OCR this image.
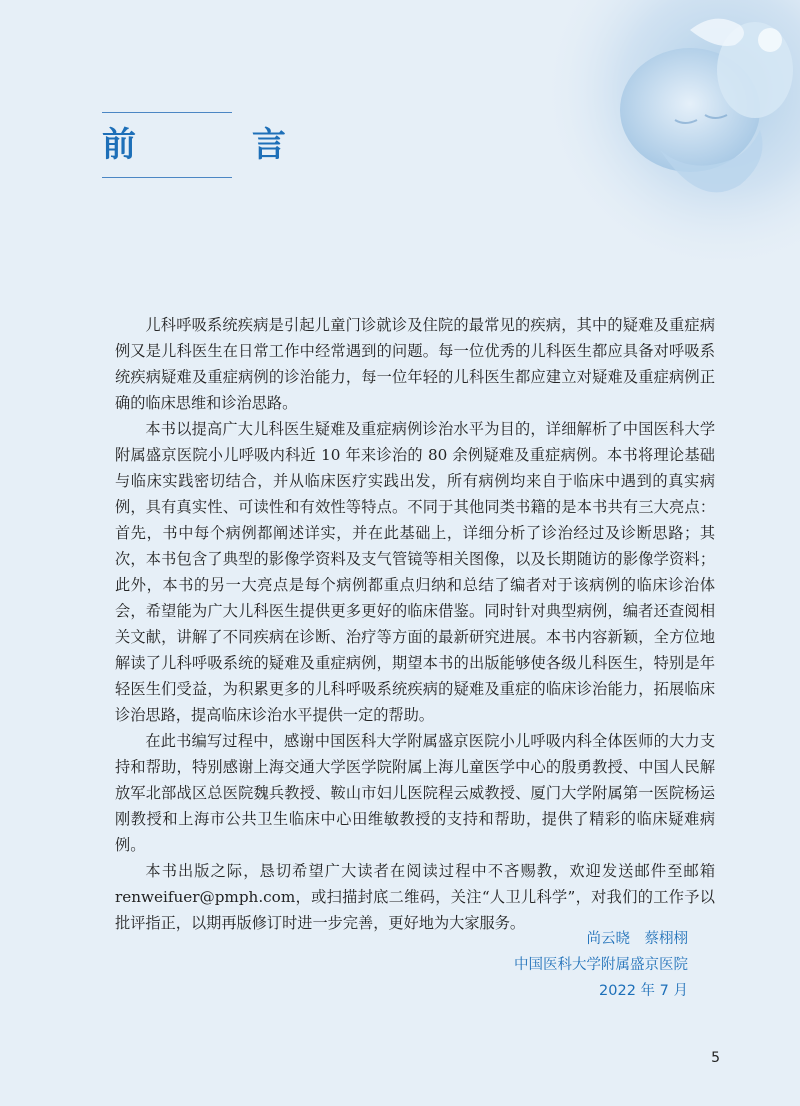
前 言

儿科呼吸系统疾病是引起儿童门诊就诊及住院的最常见的疾病，其中的疑难及重症病例又是儿科医生在日常工作中经常遇到的问题。每一位优秀的儿科医生都应具备对呼吸系统疾病疑难及重症病例的诊治能力，每一位年轻的儿科医生都应建立对疑难及重症病例正确的临床思维和诊治思路。

本书以提高广大儿科医生疑难及重症病例诊治水平为目的，详细解析了中国医科大学附属盛京医院小儿呼吸内科近 10 年来诊治的 80 余例疑难及重症病例。本书将理论基础与临床实践密切结合，并从临床医疗实践出发，所有病例均来自于临床中遇到的真实病例，具有真实性、可读性和有效性等特点。不同于其他同类书籍的是本书共有三大亮点：首先，书中每个病例都阐述详实，并在此基础上，详细分析了诊治经过及诊断思路；其次，本书包含了典型的影像学资料及支气管镜等相关图像，以及长期随访的影像学资料；此外，本书的另一大亮点是每个病例都重点归纳和总结了编者对于该病例的临床诊治体会，希望能为广大儿科医生提供更多更好的临床借鉴。同时针对典型病例，编者还查阅相关文献，讲解了不同疾病在诊断、治疗等方面的最新研究进展。本书内容新颖，全方位地解读了儿科呼吸系统的疑难及重症病例，期望本书的出版能够使各级儿科医生，特别是年轻医生们受益，为积累更多的儿科呼吸系统疾病的疑难及重症的临床诊治能力，拓展临床诊治思路，提高临床诊治水平提供一定的帮助。

在此书编写过程中，感谢中国医科大学附属盛京医院小儿呼吸内科全体医师的大力支持和帮助，特别感谢上海交通大学医学院附属上海儿童医学中心的殷勇教授、中国人民解放军北部战区总医院魏兵教授、鞍山市妇儿医院程云威教授、厦门大学附属第一医院杨运刚教授和上海市公共卫生临床中心田维敏教授的支持和帮助，提供了精彩的临床疑难病例。

本书出版之际，恳切希望广大读者在阅读过程中不吝赐教，欢迎发送邮件至邮箱 renweifuer@pmph.com，或扫描封底二维码，关注“人卫儿科学”，对我们的工作予以批评指正，以期再版修订时进一步完善，更好地为大家服务。

尚云晓　蔡栩栩
中国医科大学附属盛京医院
2022 年 7 月
5
